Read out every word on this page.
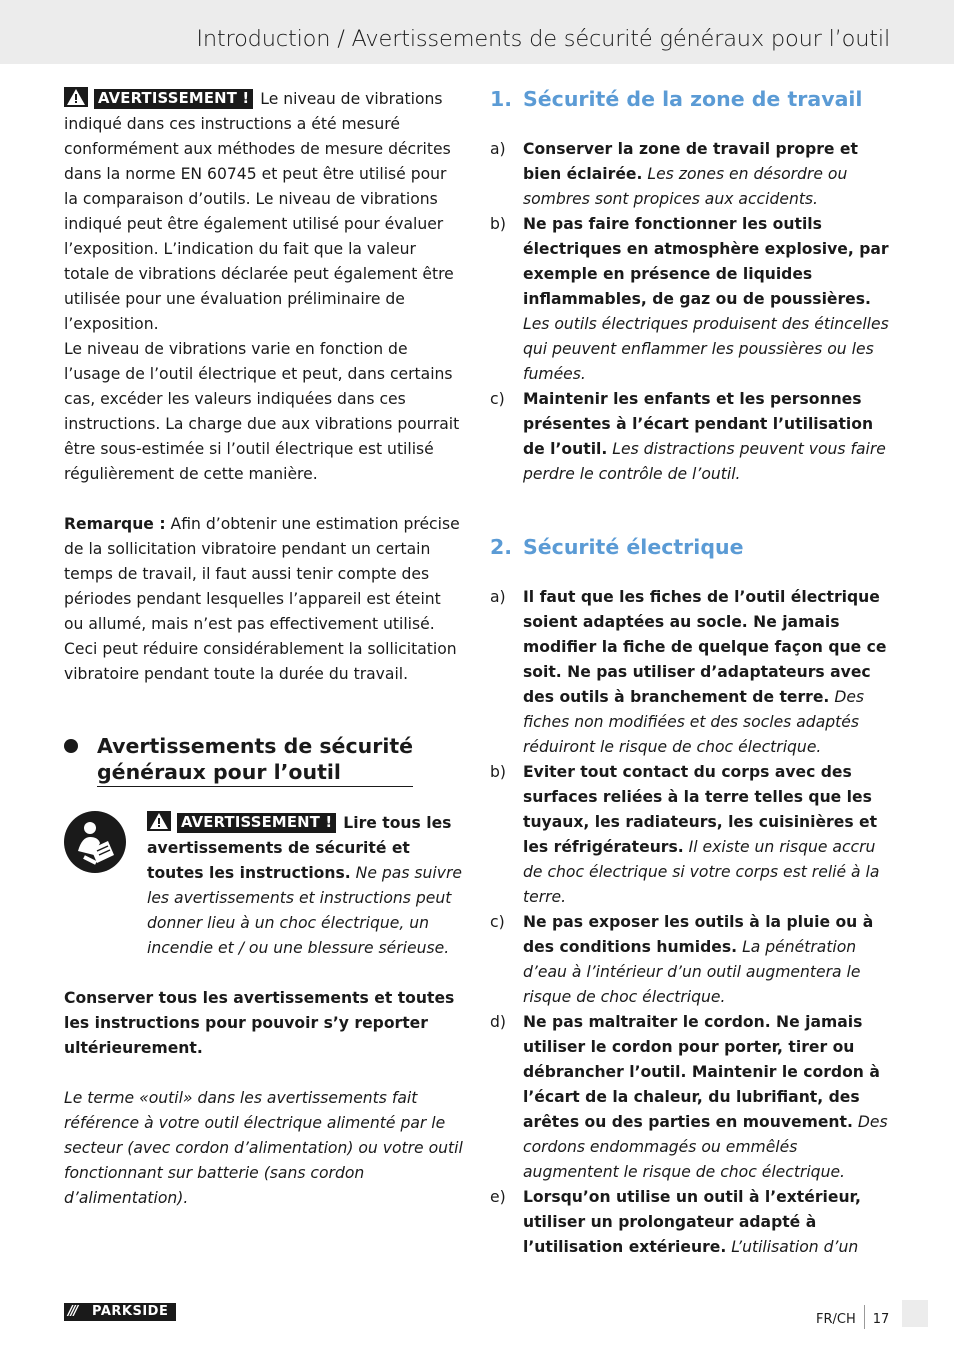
Introduction / Avertissements de sécurité généraux pour l’outil

AVERTISSEMENT ! Le niveau de vibrations indiqué dans ces instructions a été mesuré conformément aux méthodes de mesure décrites dans la norme EN 60745 et peut être utilisé pour la comparaison d’outils. Le niveau de vibrations indiqué peut être également utilisé pour évaluer l’exposition. L’indication du fait que la valeur totale de vibrations déclarée peut également être utilisée pour une évaluation préliminaire de l’exposition.

Le niveau de vibrations varie en fonction de l’usage de l’outil électrique et peut, dans certains cas, excéder les valeurs indiquées dans ces instructions. La charge due aux vibrations pourrait être sous-estimée si l’outil électrique est utilisé régulièrement de cette manière.

Remarque : Afin d’obtenir une estimation précise de la sollicitation vibratoire pendant un certain temps de travail, il faut aussi tenir compte des périodes pendant lesquelles l’appareil est éteint ou allumé, mais n’est pas effectivement utilisé. Ceci peut réduire considérablement la sollicitation vibratoire pendant toute la durée du travail.

Avertissements de sécurité
généraux pour l’outil

AVERTISSEMENT ! Lire tous les avertissements de sécurité et toutes les instructions. Ne pas suivre les avertissements et instructions peut donner lieu à un choc électrique, un incendie et / ou une blessure sérieuse.

Conserver tous les avertissements et toutes les instructions pour pouvoir s’y reporter ultérieurement.

Le terme «outil» dans les avertissements fait référence à votre outil électrique alimenté par le secteur (avec cordon d’alimentation) ou votre outil fonctionnant sur batterie (sans cordon d’alimentation).

1. Sécurité de la zone de travail
a)	Conserver la zone de travail propre et bien éclairée. Les zones en désordre ou sombres sont propices aux accidents.
b)	Ne pas faire fonctionner les outils électriques en atmosphère explosive, par exemple en présence de liquides inflammables, de gaz ou de poussières. Les outils électriques produisent des étincelles qui peuvent enflammer les poussières ou les fumées.
c)	Maintenir les enfants et les personnes présentes à l’écart pendant l’utilisation de l’outil. Les distractions peuvent vous faire perdre le contrôle de l’outil.
2. Sécurité électrique
a)	Il faut que les fiches de l’outil électrique soient adaptées au socle. Ne jamais modifier la fiche de quelque façon que ce soit. Ne pas utiliser d’adaptateurs avec des outils à branchement de terre. Des fiches non modifiées et des socles adaptés réduiront le risque de choc électrique.
b)	Eviter tout contact du corps avec des surfaces reliées à la terre telles que les tuyaux, les radiateurs, les cuisinières et les réfrigérateurs. Il existe un risque accru de choc électrique si votre corps est relié à la terre.
c)	Ne pas exposer les outils à la pluie ou à des conditions humides. La pénétration d’eau à l’intérieur d’un outil augmentera le risque de choc électrique.
d)	Ne pas maltraiter le cordon. Ne jamais utiliser le cordon pour porter, tirer ou débrancher l’outil. Maintenir le cordon à l’écart de la chaleur, du lubrifiant, des arêtes ou des parties en mouvement. Des cordons endommagés ou emmêlés augmentent le risque de choc électrique.
e)	Lorsqu’on utilise un outil à l’extérieur, utiliser un prolongateur adapté à l’utilisation extérieure. L’utilisation d’un
/// PARKSIDE
FR/CH 17
